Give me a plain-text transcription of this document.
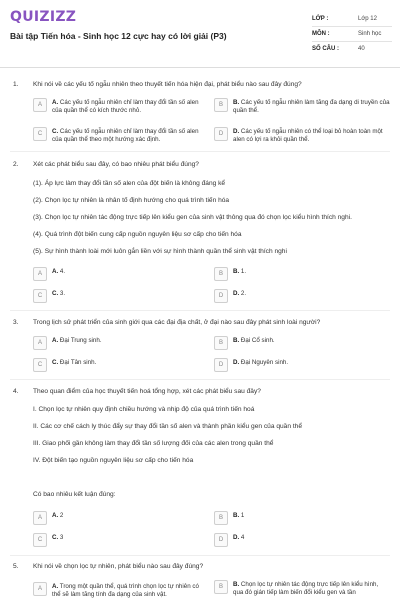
QUIZIZZ
Bài tập Tiến hóa - Sinh học 12 cực hay có lời giải (P3)
LỚP :	Lớp 12
MÔN :	Sinh học
SỐ CÂU :	40
1. Khi nói về các yếu tố ngẫu nhiên theo thuyết tiến hóa hiện đại, phát biểu nào sau đây đúng?
A	A. Các yếu tố ngẫu nhiên chỉ làm thay đổi tần số alen của quần thể có kích thước nhỏ.
B	B. Các yếu tố ngẫu nhiên làm tăng đa dạng di truyền của quần thể.
C	C. Các yếu tố ngẫu nhiên chỉ làm thay đổi tần số alen của quần thể theo một hướng xác định.
D	D. Các yếu tố ngẫu nhiên có thể loại bỏ hoàn toàn một alen có lợi ra khỏi quần thể.
2. Xét các phát biểu sau đây, có bao nhiêu phát biểu đúng?
(1). Áp lực làm thay đổi tần số alen của đột biến là không đáng kể
(2). Chọn lọc tự nhiên là nhân tố định hướng cho quá trình tiến hóa
(3). Chọn lọc tự nhiên tác động trực tiếp lên kiểu gen của sinh vật thông qua đó chọn lọc kiểu hình thích nghi.
(4). Quá trình đột biến cung cấp nguồn nguyên liệu sơ cấp cho tiến hóa
(5). Sự hình thành loài mới luôn gắn liền với sự hình thành quần thể sinh vật thích nghi
A	A. 4.	B	B. 1.
C	C. 3.	D	D. 2.
3. Trong lịch sử phát triển của sinh giới qua các đại địa chất, ở đại nào sau đây phát sinh loài người?
A	A. Đại Trung sinh.	B	B. Đại Cổ sinh.
C	C. Đại Tân sinh.	D	D. Đại Nguyên sinh.
4. Theo quan điểm của học thuyết tiến hoá tổng hợp, xét các phát biểu sau đây?
I. Chọn lọc tự nhiên quy định chiều hướng và nhịp độ của quá trình tiến hoá
II. Các cơ chế cách ly thúc đẩy sự thay đổi tần số alen và thành phần kiểu gen của quần thể
III. Giao phối gần không làm thay đổi tần số lượng đối của các alen trong quần thể
IV. Đột biến tạo nguồn nguyên liệu sơ cấp cho tiến hóa
Có bao nhiêu kết luận đúng:
A	A. 2	B	B. 1
C	C. 3	D	D. 4
5. Khi nói về chọn lọc tự nhiên, phát biểu nào sau đây đúng?
A	A. Trong một quần thể, quá trình chọn lọc tự nhiên có thể sẽ làm tăng tính đa dạng của sinh vật.
B	B. Chọn lọc tự nhiên tác động trực tiếp lên kiểu hình, qua đó gián tiếp làm biến đổi kiểu gen và tần
